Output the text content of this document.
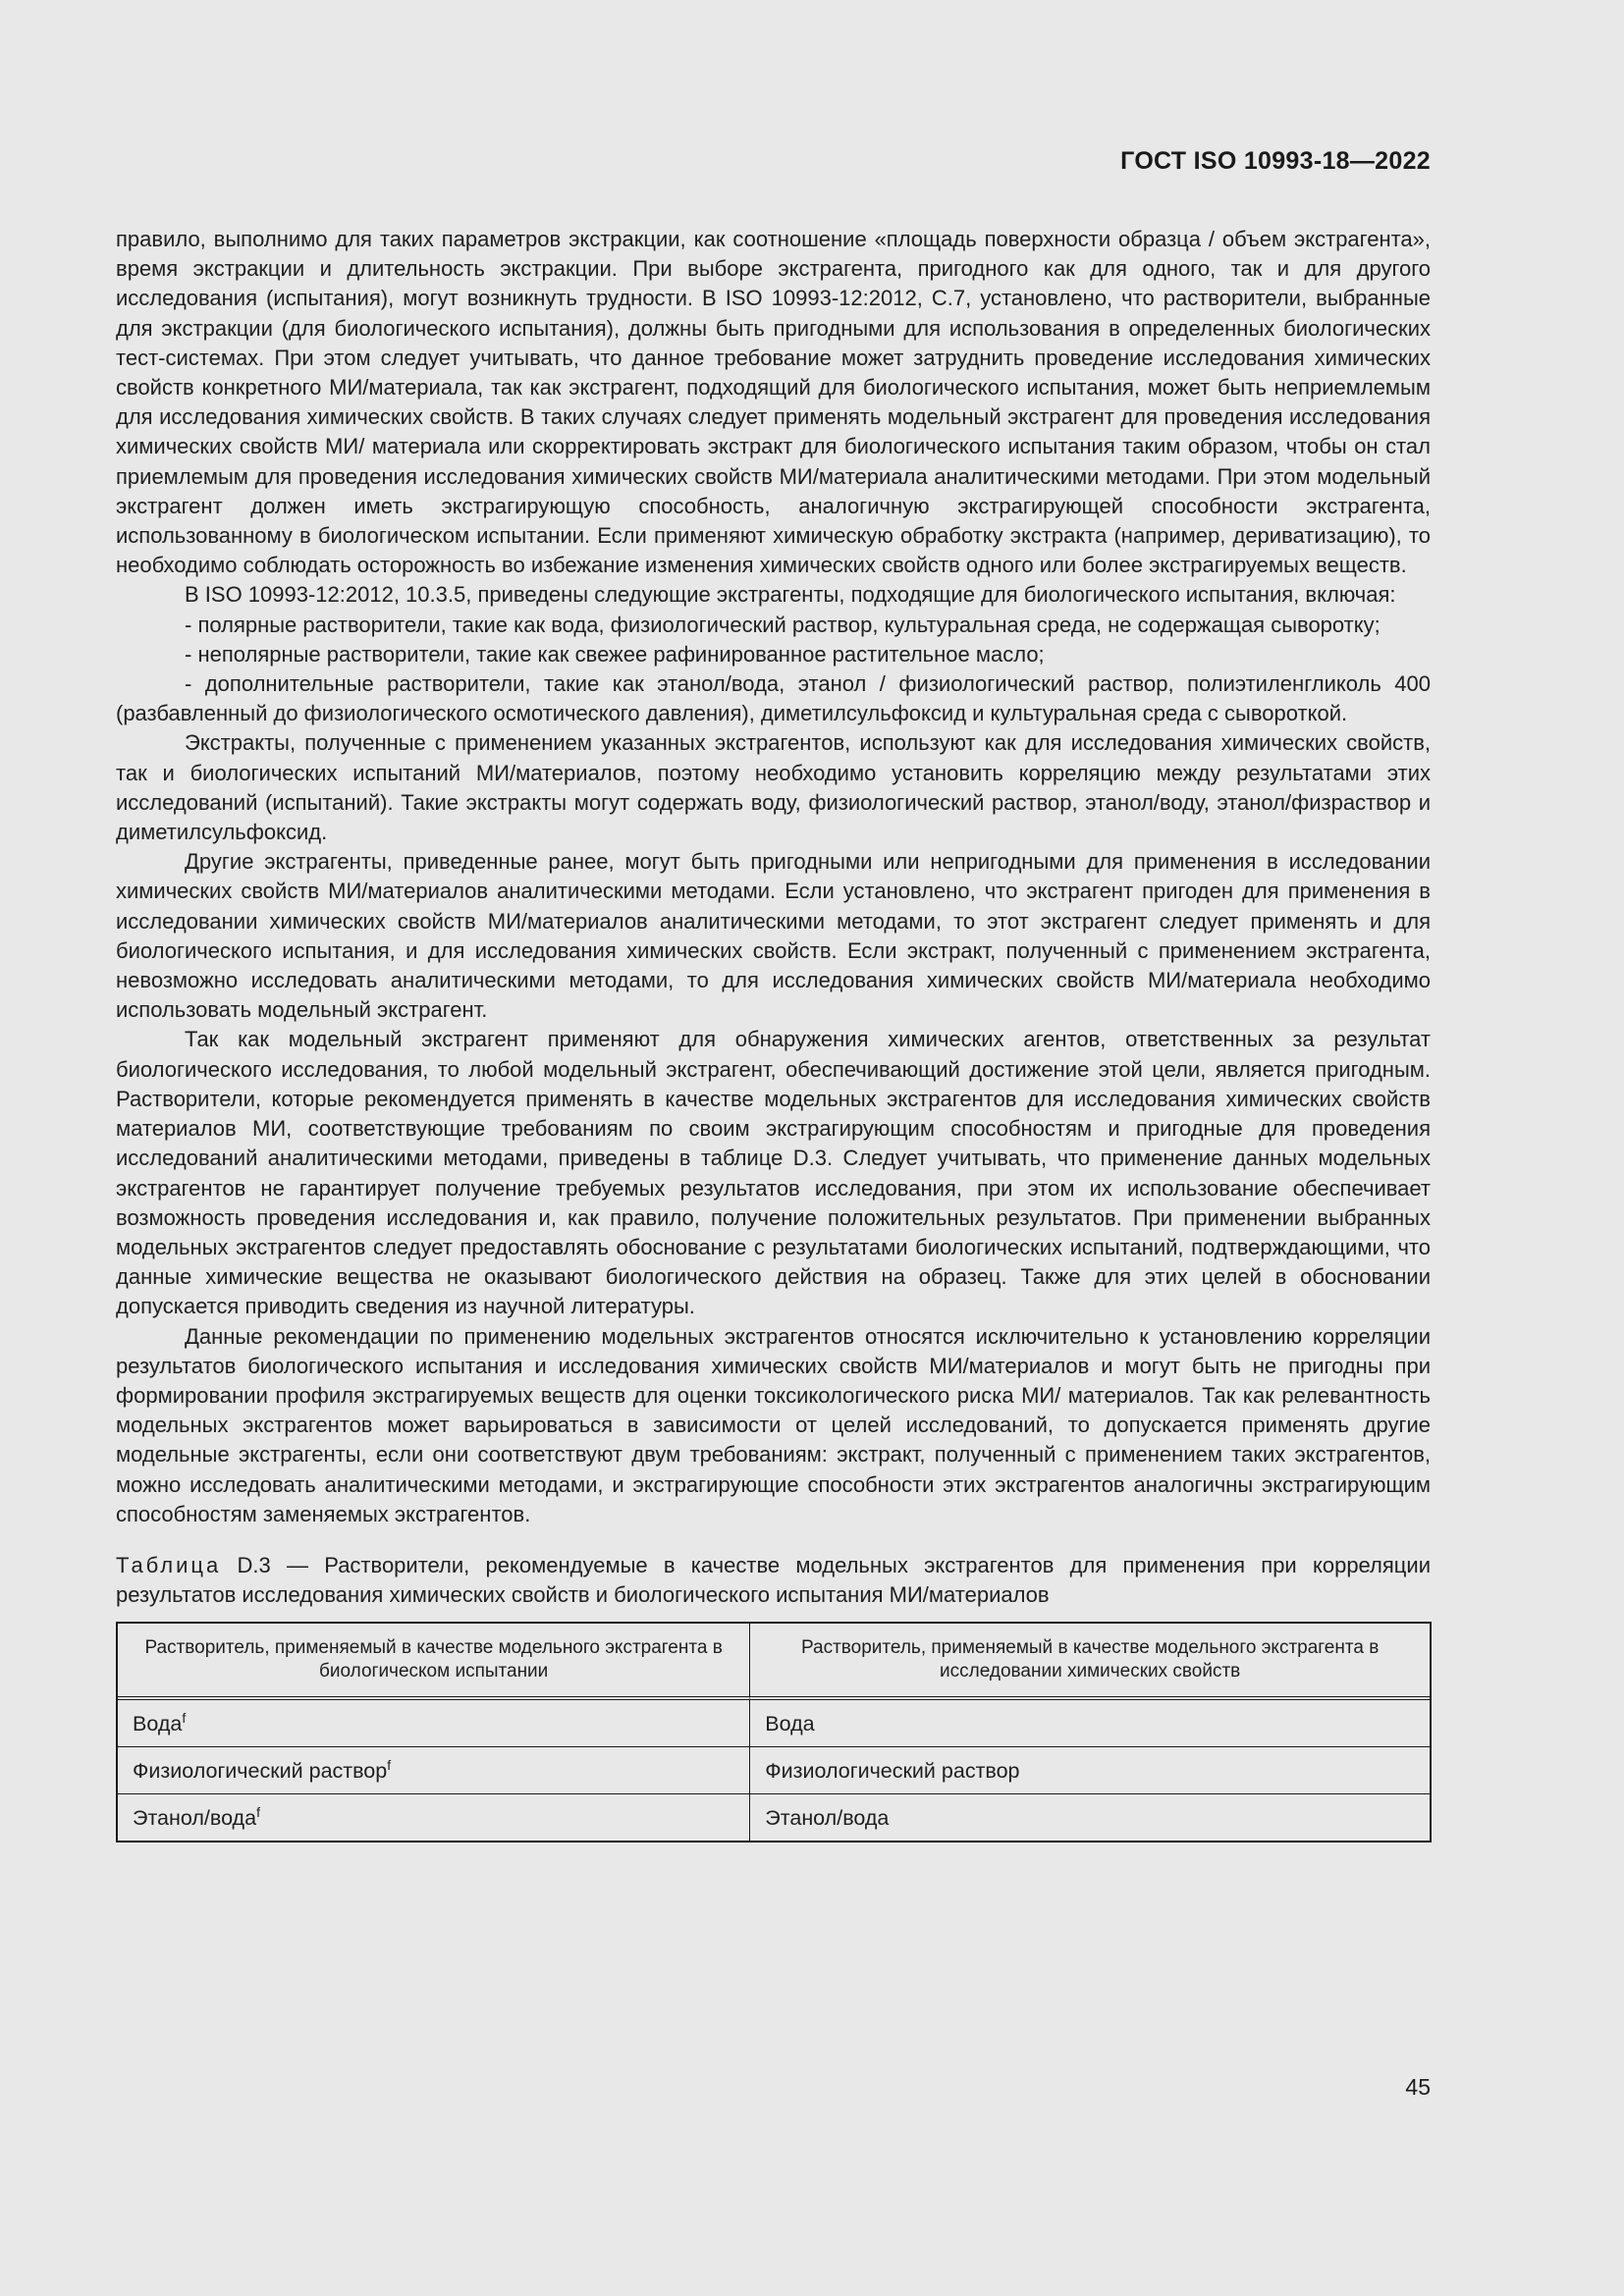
ГОСТ ISO 10993-18—2022

правило, выполнимо для таких параметров экстракции, как соотношение «площадь поверхности образца / объем экстрагента», время экстракции и длительность экстракции. При выборе экстрагента, пригодного как для одного, так и для другого исследования (испытания), могут возникнуть трудности. В ISO 10993-12:2012, С.7, установлено, что растворители, выбранные для экстракции (для биологического испытания), должны быть пригодными для использования в определенных биологических тест-системах. При этом следует учитывать, что данное требование может затруднить проведение исследования химических свойств конкретного МИ/материала, так как экстрагент, подходящий для биологического испытания, может быть неприемлемым для исследования химических свойств. В таких случаях следует применять модельный экстрагент для проведения исследования химических свойств МИ/ материала или скорректировать экстракт для биологического испытания таким образом, чтобы он стал приемлемым для проведения исследования химических свойств МИ/материала аналитическими методами. При этом модельный экстрагент должен иметь экстрагирующую способность, аналогичную экстрагирующей способности экстрагента, использованному в биологическом испытании. Если применяют химическую обработку экстракта (например, дериватизацию), то необходимо соблюдать осторожность во избежание изменения химических свойств одного или более экстрагируемых веществ.

В ISO 10993-12:2012, 10.3.5, приведены следующие экстрагенты, подходящие для биологического испытания, включая:

- полярные растворители, такие как вода, физиологический раствор, культуральная среда, не содержащая сыворотку;

- неполярные растворители, такие как свежее рафинированное растительное масло;

- дополнительные растворители, такие как этанол/вода, этанол / физиологический раствор, полиэтиленгликоль 400 (разбавленный до физиологического осмотического давления), диметилсульфоксид и культуральная среда с сывороткой.

Экстракты, полученные с применением указанных экстрагентов, используют как для исследования химических свойств, так и биологических испытаний МИ/материалов, поэтому необходимо установить корреляцию между результатами этих исследований (испытаний). Такие экстракты могут содержать воду, физиологический раствор, этанол/воду, этанол/физраствор и диметилсульфоксид.

Другие экстрагенты, приведенные ранее, могут быть пригодными или непригодными для применения в исследовании химических свойств МИ/материалов аналитическими методами. Если установлено, что экстрагент пригоден для применения в исследовании химических свойств МИ/материалов аналитическими методами, то этот экстрагент следует применять и для биологического испытания, и для исследования химических свойств. Если экстракт, полученный с применением экстрагента, невозможно исследовать аналитическими методами, то для исследования химических свойств МИ/материала необходимо использовать модельный экстрагент.

Так как модельный экстрагент применяют для обнаружения химических агентов, ответственных за результат биологического исследования, то любой модельный экстрагент, обеспечивающий достижение этой цели, является пригодным. Растворители, которые рекомендуется применять в качестве модельных экстрагентов для исследования химических свойств материалов МИ, соответствующие требованиям по своим экстрагирующим способностям и пригодные для проведения исследований аналитическими методами, приведены в таблице D.3. Следует учитывать, что применение данных модельных экстрагентов не гарантирует получение требуемых результатов исследования, при этом их использование обеспечивает возможность проведения исследования и, как правило, получение положительных результатов. При применении выбранных модельных экстрагентов следует предоставлять обоснование с результатами биологических испытаний, подтверждающими, что данные химические вещества не оказывают биологического действия на образец. Также для этих целей в обосновании допускается приводить сведения из научной литературы.

Данные рекомендации по применению модельных экстрагентов относятся исключительно к установлению корреляции результатов биологического испытания и исследования химических свойств МИ/материалов и могут быть не пригодны при формировании профиля экстрагируемых веществ для оценки токсикологического риска МИ/ материалов. Так как релевантность модельных экстрагентов может варьироваться в зависимости от целей исследований, то допускается применять другие модельные экстрагенты, если они соответствуют двум требованиям: экстракт, полученный с применением таких экстрагентов, можно исследовать аналитическими методами, и экстрагирующие способности этих экстрагентов аналогичны экстрагирующим способностям заменяемых экстрагентов.

Таблица D.3 — Растворители, рекомендуемые в качестве модельных экстрагентов для применения при корреляции результатов исследования химических свойств и биологического испытания МИ/материалов

Растворитель, применяемый в качестве модельного экстрагента в биологическом испытании	Растворитель, применяемый в качестве модельного экстрагента в исследовании химических свойств
Вода$^f$	Вода
Физиологический раствор$^f$	Физиологический раствор
Этанол/вода$^f$	Этанол/вода
45
